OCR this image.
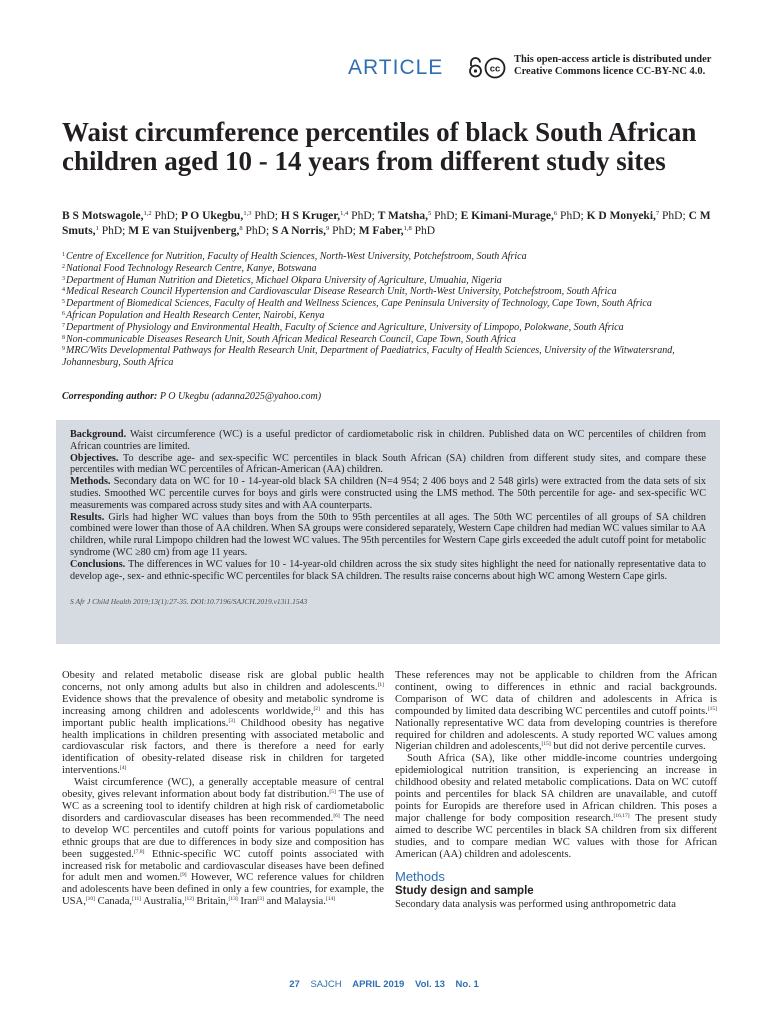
ARTICLE	cc
This open-access article is distributed under
Creative Commons licence CC-BY-NC 4.0.
Waist circumference percentiles of black South African children aged 10 - 14 years from different study sites
B S Motswagole,$^{1,2}$ PhD; P O Ukegbu,$^{1,3}$ PhD; H S Kruger,$^{1,4}$ PhD; T Matsha,$^5$ PhD; E Kimani-Murage,$^6$ PhD; K D Monyeki,$^7$ PhD; C M Smuts,$^1$ PhD; M E van Stuijvenberg,$^8$ PhD; S A Norris,$^9$ PhD; M Faber,$^{1,8}$ PhD
$^1$Centre of Excellence for Nutrition, Faculty of Health Sciences, North-West University, Potchefstroom, South Africa
$^2$National Food Technology Research Centre, Kanye, Botswana
$^3$Department of Human Nutrition and Dietetics, Michael Okpara University of Agriculture, Umuahia, Nigeria
$^4$Medical Research Council Hypertension and Cardiovascular Disease Research Unit, North-West University, Potchefstroom, South Africa
$^5$Department of Biomedical Sciences, Faculty of Health and Wellness Sciences, Cape Peninsula University of Technology, Cape Town, South Africa
$^6$African Population and Health Research Center, Nairobi, Kenya
$^7$Department of Physiology and Environmental Health, Faculty of Science and Agriculture, University of Limpopo, Polokwane, South Africa
$^8$Non-communicable Diseases Research Unit, South African Medical Research Council, Cape Town, South Africa
$^9$MRC/Wits Developmental Pathways for Health Research Unit, Department of Paediatrics, Faculty of Health Sciences, University of the Witwatersrand, Johannesburg, South Africa
Corresponding author: P O Ukegbu (adanna2025@yahoo.com)

Background. Waist circumference (WC) is a useful predictor of cardiometabolic risk in children. Published data on WC percentiles of children from African countries are limited.

Objectives. To describe age- and sex-specific WC percentiles in black South African (SA) children from different study sites, and compare these percentiles with median WC percentiles of African-American (AA) children.

Methods. Secondary data on WC for 10 - 14-year-old black SA children (N=4 954; 2 406 boys and 2 548 girls) were extracted from the data sets of six studies. Smoothed WC percentile curves for boys and girls were constructed using the LMS method. The 50th percentile for age- and sex-specific WC measurements was compared across study sites and with AA counterparts.

Results. Girls had higher WC values than boys from the 50th to 95th percentiles at all ages. The 50th WC percentiles of all groups of SA children combined were lower than those of AA children. When SA groups were considered separately, Western Cape children had median WC values similar to AA children, while rural Limpopo children had the lowest WC values. The 95th percentiles for Western Cape girls exceeded the adult cutoff point for metabolic syndrome (WC ≥80 cm) from age 11 years.

Conclusions. The differences in WC values for 10 - 14-year-old children across the six study sites highlight the need for nationally representative data to develop age-, sex- and ethnic-specific WC percentiles for black SA children. The results raise concerns about high WC among Western Cape girls.

S Afr J Child Health 2019;13(1):27-35. DOI:10.7196/SAJCH.2019.v13i1.1543

Obesity and related metabolic disease risk are global public health concerns, not only among adults but also in children and adolescents.[1] Evidence shows that the prevalence of obesity and metabolic syndrome is increasing among children and adolescents worldwide,[2] and this has important public health implications.[3] Childhood obesity has negative health implications in children presenting with associated metabolic and cardiovascular risk factors, and there is therefore a need for early identification of obesity-related disease risk in children for targeted interventions.[4]

Waist circumference (WC), a generally acceptable measure of central obesity, gives relevant information about body fat distribution.[5] The use of WC as a screening tool to identify children at high risk of cardiometabolic disorders and cardiovascular diseases has been recommended.[6] The need to develop WC percentiles and cutoff points for various populations and ethnic groups that are due to differences in body size and composition has been suggested.[7,8] Ethnic-specific WC cutoff points associated with increased risk for metabolic and cardiovascular diseases have been defined for adult men and women.[9] However, WC reference values for children and adolescents have been defined in only a few countries, for example, the USA,[10] Canada,[11] Australia,[12] Britain,[13] Iran[3] and Malaysia.[14]

These references may not be applicable to children from the African continent, owing to differences in ethnic and racial backgrounds. Comparison of WC data of children and adolescents in Africa is compounded by limited data describing WC percentiles and cutoff points.[15] Nationally representative WC data from developing countries is therefore required for children and adolescents. A study reported WC values among Nigerian children and adolescents,[15] but did not derive percentile curves.

South Africa (SA), like other middle-income countries undergoing epidemiological nutrition transition, is experiencing an increase in childhood obesity and related metabolic complications. Data on WC cutoff points and percentiles for black SA children are unavailable, and cutoff points for Europids are therefore used in African children. This poses a major challenge for body composition research.[16,17] The present study aimed to describe WC percentiles in black SA children from six different studies, and to compare median WC values with those for African American (AA) children and adolescents.

Methods
Study design and sample

Secondary data analysis was performed using anthropometric data

27 SAJCH APRIL 2019 Vol. 13 No. 1
